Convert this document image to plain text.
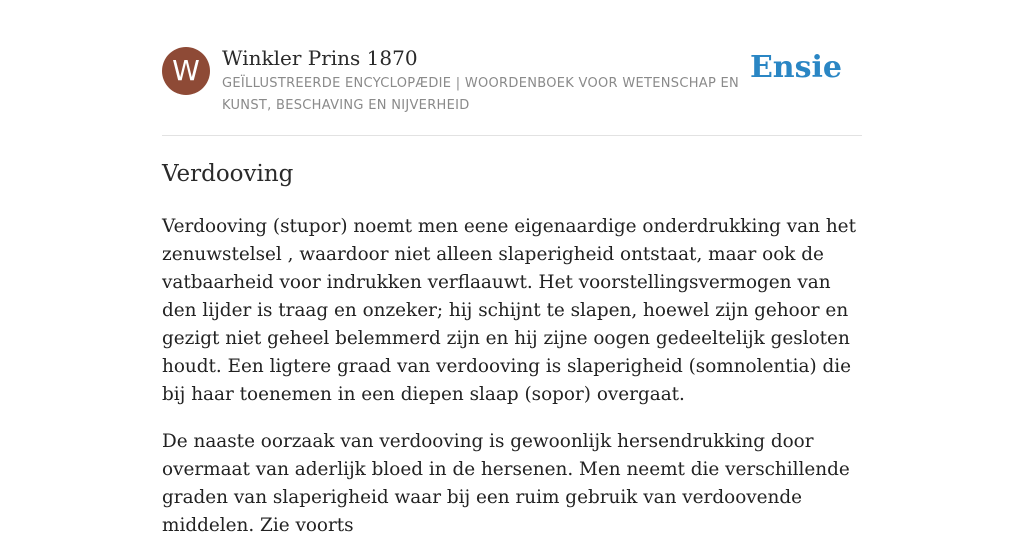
W	Winkler Prins 1870
GEÏLLUSTREERDE ENCYCLOPÆDIE | WOORDENBOEK VOOR WETENSCHAP EN KUNST, BESCHAVING EN NIJVERHEID
Ensie
Verdooving

Verdooving (stupor) noemt men eene eigenaardige onderdrukking van het zenuwstelsel , waardoor niet alleen slaperigheid ontstaat, maar ook de vatbaarheid voor indrukken verflaauwt. Het voorstellingsvermogen van den lijder is traag en onzeker; hij schijnt te slapen, hoewel zijn gehoor en gezigt niet geheel belemmerd zijn en hij zijne oogen gedeeltelijk gesloten houdt. Een ligtere graad van verdooving is slaperigheid (somnolentia) die bij haar toenemen in een diepen slaap (sopor) overgaat.

De naaste oorzaak van verdooving is gewoonlijk hersendrukking door overmaat van aderlijk bloed in de hersenen. Men neemt die verschillende graden van slaperigheid waar bij een ruim gebruik van verdoovende middelen. Zie voorts
